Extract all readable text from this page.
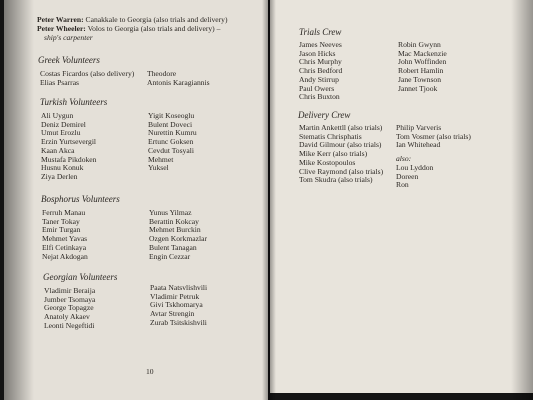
Peter Warren: Canakkale to Georgia (also trials and delivery)
Peter Wheeler: Volos to Georgia (also trials and delivery) –
ship's carpenter
Greek Volunteers

Costas Ficardos (also delivery)

Elias Psarras

Theodore

Antonis Karagiannis

Turkish Volunteers

Ali Uygun

Deniz Demirel

Umut Erozlu

Erzin Yurtsevergil

Kaan Akca

Mustafa Pikdoken

Husnu Konuk

Ziya Derlen

Yigit Koseoglu

Bulent Doveci

Nurettin Kumru

Ertunc Goksen

Cevdut Tosyali

Mehmet

Yuksel

Bosphorus Volunteers

Ferruh Manau

Taner Tokay

Emir Turgan

Mehmet Yavas

Elfi Cetinkaya

Nejat Akdogan

Yunus Yilmaz

Berattin Kokcay

Mehmet Burckin

Ozgen Korkmazlar

Bulent Tanagan

Engin Cezzar

Georgian Volunteers

Vladimir Beraija

Jumber Tsomaya

George Topagze

Anatoly Akaev

Leonti Negeftidi

Paata Natsvlishvili

Vladimir Petruk

Givi Tskhomarya

Avtar Strengin

Zurab Tsitskishvili

10
Trials Crew

James Neeves

Jason Hicks

Chris Murphy

Chris Bedford

Andy Stirrup

Paul Owers

Chris Buxton

Robin Gwynn

Mac Mackenzie

John Woffinden

Robert Hamlin

Jane Townson

Jannet Tjook

Delivery Crew

Martin Ankettll (also trials)

Stematis Chrisphatis

David Gilmour (also trials)

Mike Kerr (also trials)

Mike Kostopoulos

Clive Raymond (also trials)

Tom Skudra (also trials)

Philip Varveris

Tom Vosmer (also trials)

Ian Whitehead

also:

Lou Lyddon

Doreen

Ron
